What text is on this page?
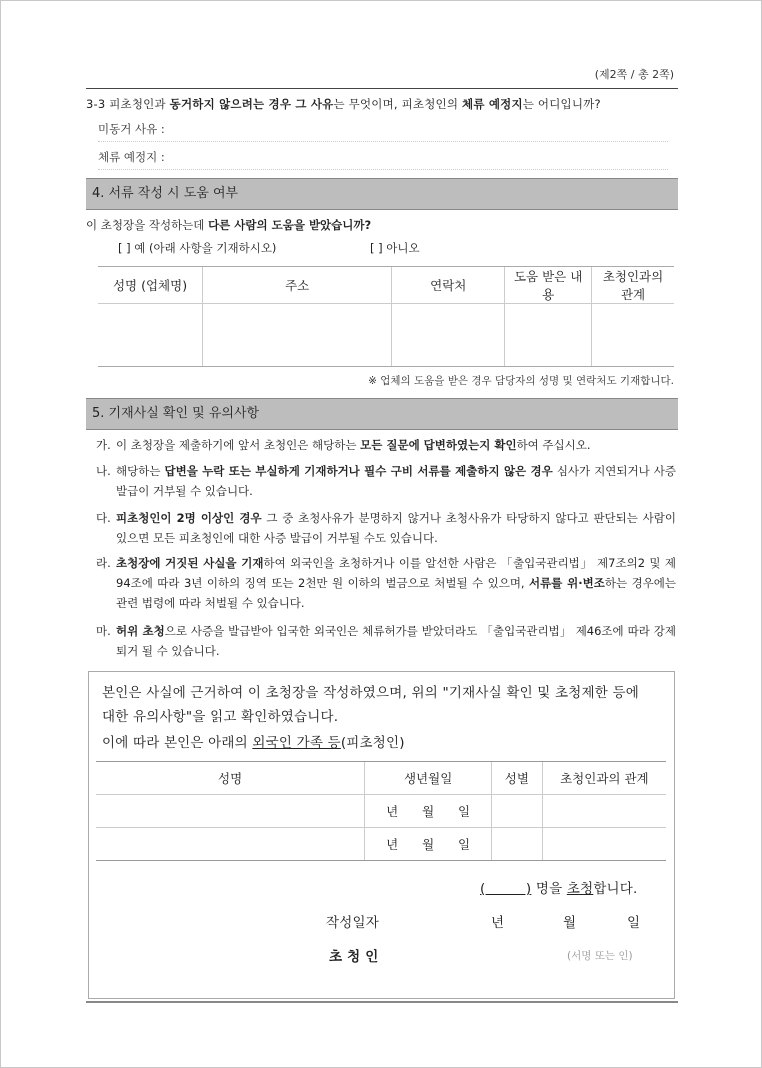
(제2쪽 / 총 2쪽)
3-3 피초청인과 동거하지 않으려는 경우 그 사유는 무엇이며, 피초청인의 체류 예정지는 어디입니까?
미동거 사유 :
체류 예정지 :
4. 서류 작성 시 도움 여부
이 초청장을 작성하는데 다른 사람의 도움을 받았습니까?
[ ] 예 (아래 사항을 기재하시오)	[ ] 아니오
성명 (업체명)	주소	연락처	도움 받은 내용	초청인과의 관계

※ 업체의 도움을 받은 경우 담당자의 성명 및 연락처도 기재합니다.
5. 기재사실 확인 및 유의사항
가. 이 초청장을 제출하기에 앞서 초청인은 해당하는 모든 질문에 답변하였는지 확인하여 주십시오.
나. 해당하는 답변을 누락 또는 부실하게 기재하거나 필수 구비 서류를 제출하지 않은 경우 심사가 지연되거나 사증 발급이 거부될 수 있습니다.
다. 피초청인이 2명 이상인 경우 그 중 초청사유가 분명하지 않거나 초청사유가 타당하지 않다고 판단되는 사람이 있으면 모든 피초청인에 대한 사증 발급이 거부될 수도 있습니다.
라. 초청장에 거짓된 사실을 기재하여 외국인을 초청하거나 이를 알선한 사람은 「출입국관리법」 제7조의2 및 제94조에 따라 3년 이하의 징역 또는 2천만 원 이하의 벌금으로 처벌될 수 있으며, 서류를 위·변조하는 경우에는 관련 법령에 따라 처벌될 수 있습니다.
마. 허위 초청으로 사증을 발급받아 입국한 외국인은 체류허가를 받았더라도 「출입국관리법」 제46조에 따라 강제퇴거 될 수 있습니다.
본인은 사실에 근거하여 이 초청장을 작성하였으며, 위의 "기재사실 확인 및 초청제한 등에
대한 유의사항"을 읽고 확인하였습니다.
이에 따라 본인은 아래의 외국인 가족 등(피초청인)
성명	생년월일	성별	초청인과의 관계
	년 월 일		
	년 월 일		
(         ) 명을 초청합니다.
작성일자	년	월	일
초 청 인	(서명 또는 인)
